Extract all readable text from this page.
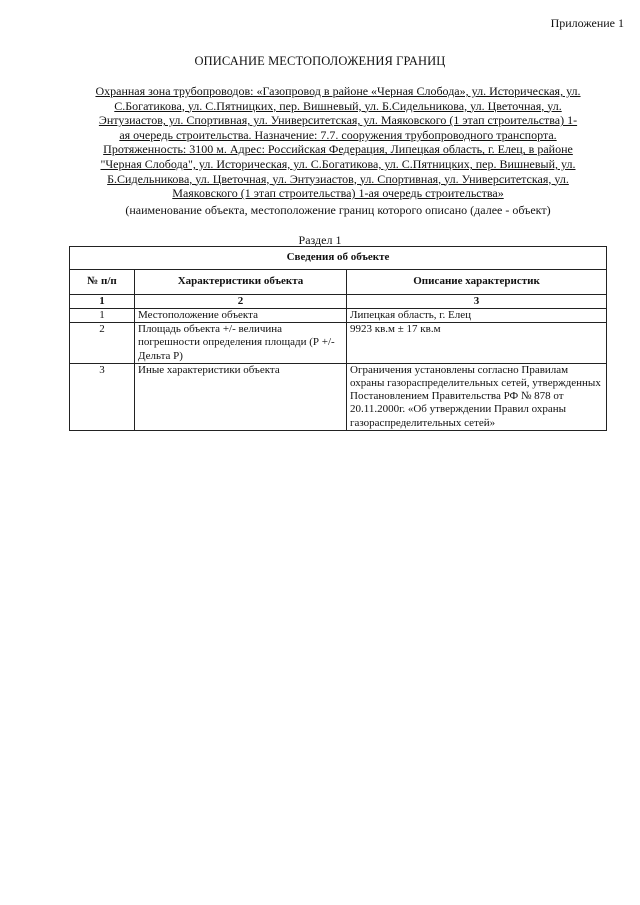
Приложение 1
ОПИСАНИЕ МЕСТОПОЛОЖЕНИЯ ГРАНИЦ
Охранная зона трубопроводов: «Газопровод в районе «Черная Слобода», ул. Историческая, ул.
С.Богатикова, ул. С.Пятницких, пер. Вишневый, ул. Б.Сидельникова, ул. Цветочная, ул.
Энтузиастов, ул. Спортивная, ул. Университетская, ул. Маяковского (1 этап строительства) 1-
ая очередь строительства. Назначение: 7.7. сооружения трубопроводного транспорта.
Протяженность: 3100 м. Адрес: Российская Федерация, Липецкая область, г. Елец, в районе
"Черная Слобода", ул. Историческая, ул. С.Богатикова, ул. С.Пятницких, пер. Вишневый, ул.
Б.Сидельникова, ул. Цветочная, ул. Энтузиастов, ул. Спортивная, ул. Университетская, ул.
Маяковского (1 этап строительства) 1-ая очередь строительства»
(наименование объекта, местоположение границ которого описано (далее - объект)
Раздел 1
Сведения об объекте		
№ п/п	Характеристики объекта	Описание характеристик
1	2	3
1	Местоположение объекта	Липецкая область, г. Елец
2	Площадь объекта +/- величина погрешности определения площади (Р +/- Дельта Р)	9923 кв.м ± 17 кв.м
3	Иные характеристики объекта	Ограничения установлены согласно Правилам охраны газораспределительных сетей, утвержденных Постановлением Правительства РФ № 878 от 20.11.2000г. «Об утверждении Правил охраны газораспределительных сетей»
